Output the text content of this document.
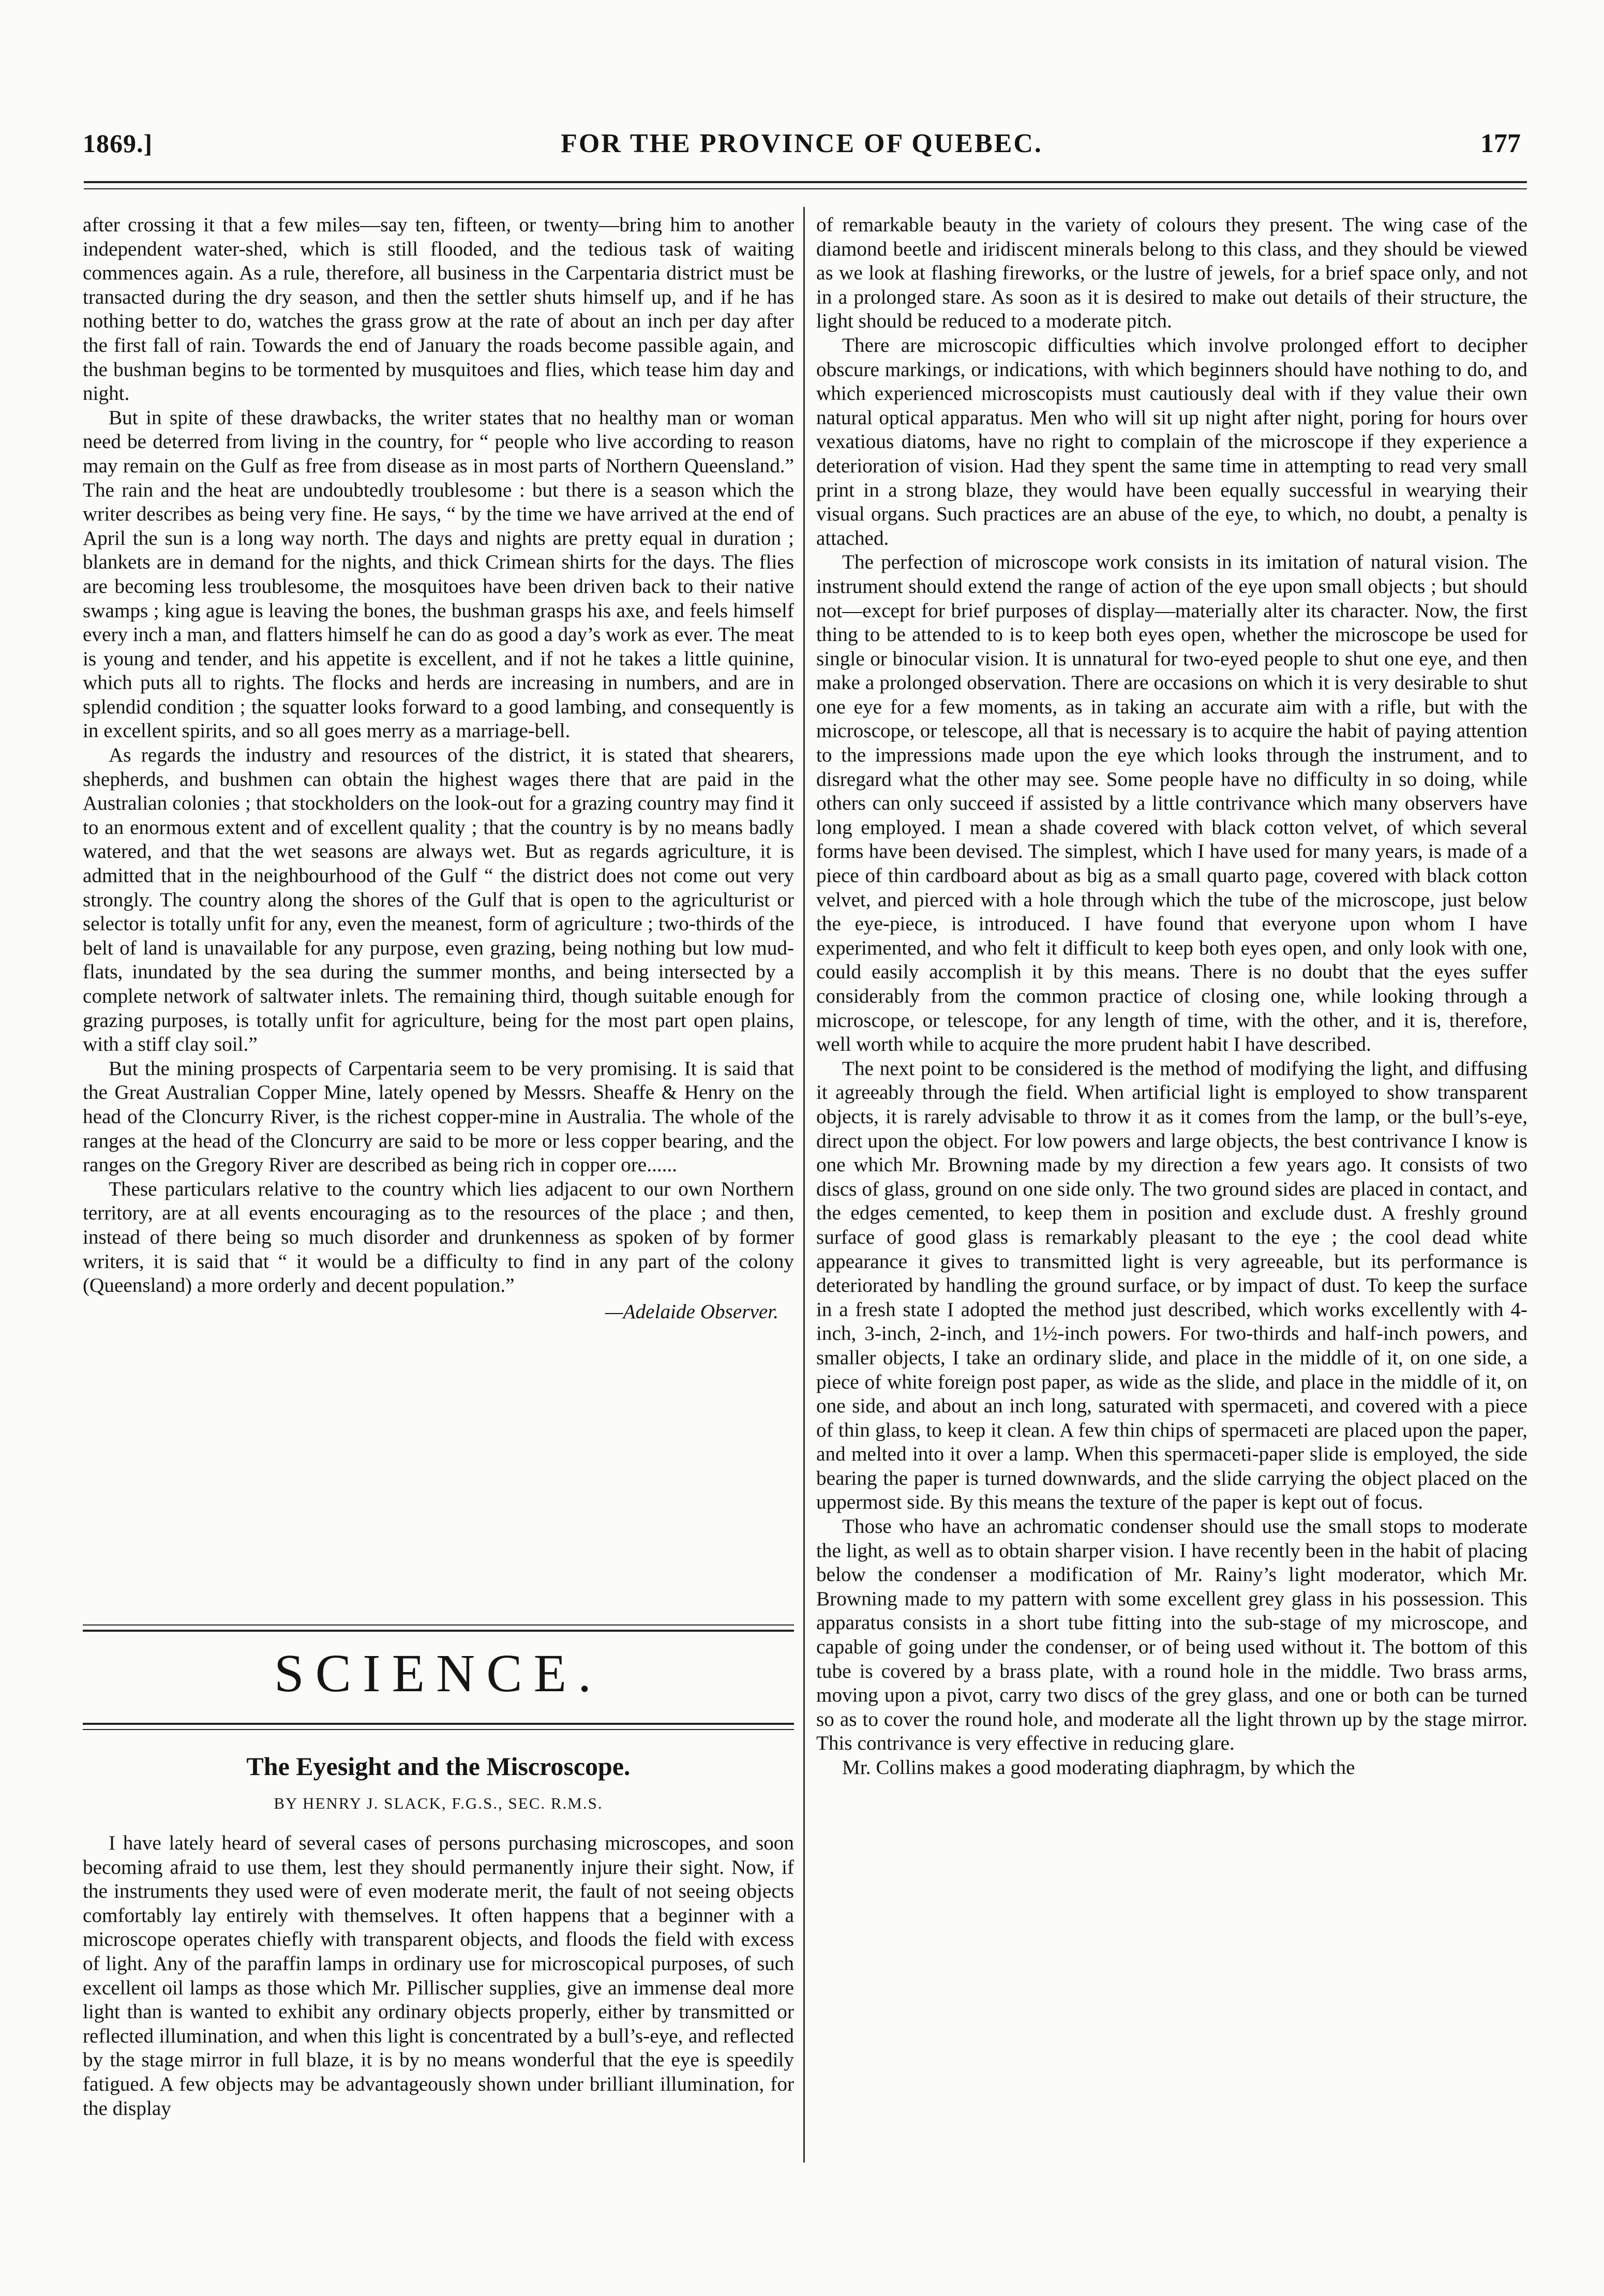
1869.]	FOR THE PROVINCE OF QUEBEC.	177

after crossing it that a few miles—say ten, fifteen, or twenty—bring him to another independent water-shed, which is still flooded, and the tedious task of waiting commences again. As a rule, therefore, all business in the Carpentaria district must be transacted during the dry season, and then the settler shuts himself up, and if he has nothing better to do, watches the grass grow at the rate of about an inch per day after the first fall of rain. Towards the end of January the roads become passible again, and the bushman begins to be tormented by musquitoes and flies, which tease him day and night.

But in spite of these drawbacks, the writer states that no healthy man or woman need be deterred from living in the country, for “ people who live according to reason may remain on the Gulf as free from disease as in most parts of Northern Queensland.” The rain and the heat are undoubtedly troublesome : but there is a season which the writer describes as being very fine. He says, “ by the time we have arrived at the end of April the sun is a long way north. The days and nights are pretty equal in duration ; blankets are in demand for the nights, and thick Crimean shirts for the days. The flies are becoming less troublesome, the mosquitoes have been driven back to their native swamps ; king ague is leaving the bones, the bushman grasps his axe, and feels himself every inch a man, and flatters himself he can do as good a day’s work as ever. The meat is young and tender, and his appetite is excellent, and if not he takes a little quinine, which puts all to rights. The flocks and herds are increasing in numbers, and are in splendid condition ; the squatter looks forward to a good lambing, and consequently is in excellent spirits, and so all goes merry as a marriage-bell.

As regards the industry and resources of the district, it is stated that shearers, shepherds, and bushmen can obtain the highest wages there that are paid in the Australian colonies ; that stockholders on the look-out for a grazing country may find it to an enormous extent and of excellent quality ; that the country is by no means badly watered, and that the wet seasons are always wet. But as regards agriculture, it is admitted that in the neighbourhood of the Gulf “ the district does not come out very strongly. The country along the shores of the Gulf that is open to the agriculturist or selector is totally unfit for any, even the meanest, form of agriculture ; two-thirds of the belt of land is unavailable for any purpose, even grazing, being nothing but low mud-flats, inundated by the sea during the summer months, and being intersected by a complete network of saltwater inlets. The remaining third, though suitable enough for grazing purposes, is totally unfit for agriculture, being for the most part open plains, with a stiff clay soil.”

But the mining prospects of Carpentaria seem to be very promising. It is said that the Great Australian Copper Mine, lately opened by Messrs. Sheaffe & Henry on the head of the Cloncurry River, is the richest copper-mine in Australia. The whole of the ranges at the head of the Cloncurry are said to be more or less copper bearing, and the ranges on the Gregory River are described as being rich in copper ore......

These particulars relative to the country which lies adjacent to our own Northern territory, are at all events encouraging as to the resources of the place ; and then, instead of there being so much disorder and drunkenness as spoken of by former writers, it is said that “ it would be a difficulty to find in any part of the colony (Queensland) a more orderly and decent population.”

—Adelaide Observer.
SCIENCE.
The Eyesight and the Miscroscope.
BY HENRY J. SLACK, F.G.S., SEC. R.M.S.

I have lately heard of several cases of persons purchasing microscopes, and soon becoming afraid to use them, lest they should permanently injure their sight. Now, if the instruments they used were of even moderate merit, the fault of not seeing objects comfortably lay entirely with themselves. It often happens that a beginner with a microscope operates chiefly with transparent objects, and floods the field with excess of light. Any of the paraffin lamps in ordinary use for microscopical purposes, of such excellent oil lamps as those which Mr. Pillischer supplies, give an immense deal more light than is wanted to exhibit any ordinary objects properly, either by transmitted or reflected illumination, and when this light is concentrated by a bull’s-eye, and reflected by the stage mirror in full blaze, it is by no means wonderful that the eye is speedily fatigued. A few objects may be advantageously shown under brilliant illumination, for the display

of remarkable beauty in the variety of colours they present. The wing case of the diamond beetle and iridiscent minerals belong to this class, and they should be viewed as we look at flashing fireworks, or the lustre of jewels, for a brief space only, and not in a prolonged stare. As soon as it is desired to make out details of their structure, the light should be reduced to a moderate pitch.

There are microscopic difficulties which involve prolonged effort to decipher obscure markings, or indications, with which beginners should have nothing to do, and which experienced microscopists must cautiously deal with if they value their own natural optical apparatus. Men who will sit up night after night, poring for hours over vexatious diatoms, have no right to complain of the microscope if they experience a deterioration of vision. Had they spent the same time in attempting to read very small print in a strong blaze, they would have been equally successful in wearying their visual organs. Such practices are an abuse of the eye, to which, no doubt, a penalty is attached.

The perfection of microscope work consists in its imitation of natural vision. The instrument should extend the range of action of the eye upon small objects ; but should not—except for brief purposes of display—materially alter its character. Now, the first thing to be attended to is to keep both eyes open, whether the microscope be used for single or binocular vision. It is unnatural for two-eyed people to shut one eye, and then make a prolonged observation. There are occasions on which it is very desirable to shut one eye for a few moments, as in taking an accurate aim with a rifle, but with the microscope, or telescope, all that is necessary is to acquire the habit of paying attention to the impressions made upon the eye which looks through the instrument, and to disregard what the other may see. Some people have no difficulty in so doing, while others can only succeed if assisted by a little contrivance which many observers have long employed. I mean a shade covered with black cotton velvet, of which several forms have been devised. The simplest, which I have used for many years, is made of a piece of thin cardboard about as big as a small quarto page, covered with black cotton velvet, and pierced with a hole through which the tube of the microscope, just below the eye-piece, is introduced. I have found that everyone upon whom I have experimented, and who felt it difficult to keep both eyes open, and only look with one, could easily accomplish it by this means. There is no doubt that the eyes suffer considerably from the common practice of closing one, while looking through a microscope, or telescope, for any length of time, with the other, and it is, therefore, well worth while to acquire the more prudent habit I have described.

The next point to be considered is the method of modifying the light, and diffusing it agreeably through the field. When artificial light is employed to show transparent objects, it is rarely advisable to throw it as it comes from the lamp, or the bull’s-eye, direct upon the object. For low powers and large objects, the best contrivance I know is one which Mr. Browning made by my direction a few years ago. It consists of two discs of glass, ground on one side only. The two ground sides are placed in contact, and the edges cemented, to keep them in position and exclude dust. A freshly ground surface of good glass is remarkably pleasant to the eye ; the cool dead white appearance it gives to transmitted light is very agreeable, but its performance is deteriorated by handling the ground surface, or by impact of dust. To keep the surface in a fresh state I adopted the method just described, which works excellently with 4-inch, 3-inch, 2-inch, and 1½-inch powers. For two-thirds and half-inch powers, and smaller objects, I take an ordinary slide, and place in the middle of it, on one side, a piece of white foreign post paper, as wide as the slide, and place in the middle of it, on one side, and about an inch long, saturated with spermaceti, and covered with a piece of thin glass, to keep it clean. A few thin chips of spermaceti are placed upon the paper, and melted into it over a lamp. When this spermaceti-paper slide is employed, the side bearing the paper is turned downwards, and the slide carrying the object placed on the uppermost side. By this means the texture of the paper is kept out of focus.

Those who have an achromatic condenser should use the small stops to moderate the light, as well as to obtain sharper vision. I have recently been in the habit of placing below the condenser a modification of Mr. Rainy’s light moderator, which Mr. Browning made to my pattern with some excellent grey glass in his possession. This apparatus consists in a short tube fitting into the sub-stage of my microscope, and capable of going under the condenser, or of being used without it. The bottom of this tube is covered by a brass plate, with a round hole in the middle. Two brass arms, moving upon a pivot, carry two discs of the grey glass, and one or both can be turned so as to cover the round hole, and moderate all the light thrown up by the stage mirror. This contrivance is very effective in reducing glare.

Mr. Collins makes a good moderating diaphragm, by which the
